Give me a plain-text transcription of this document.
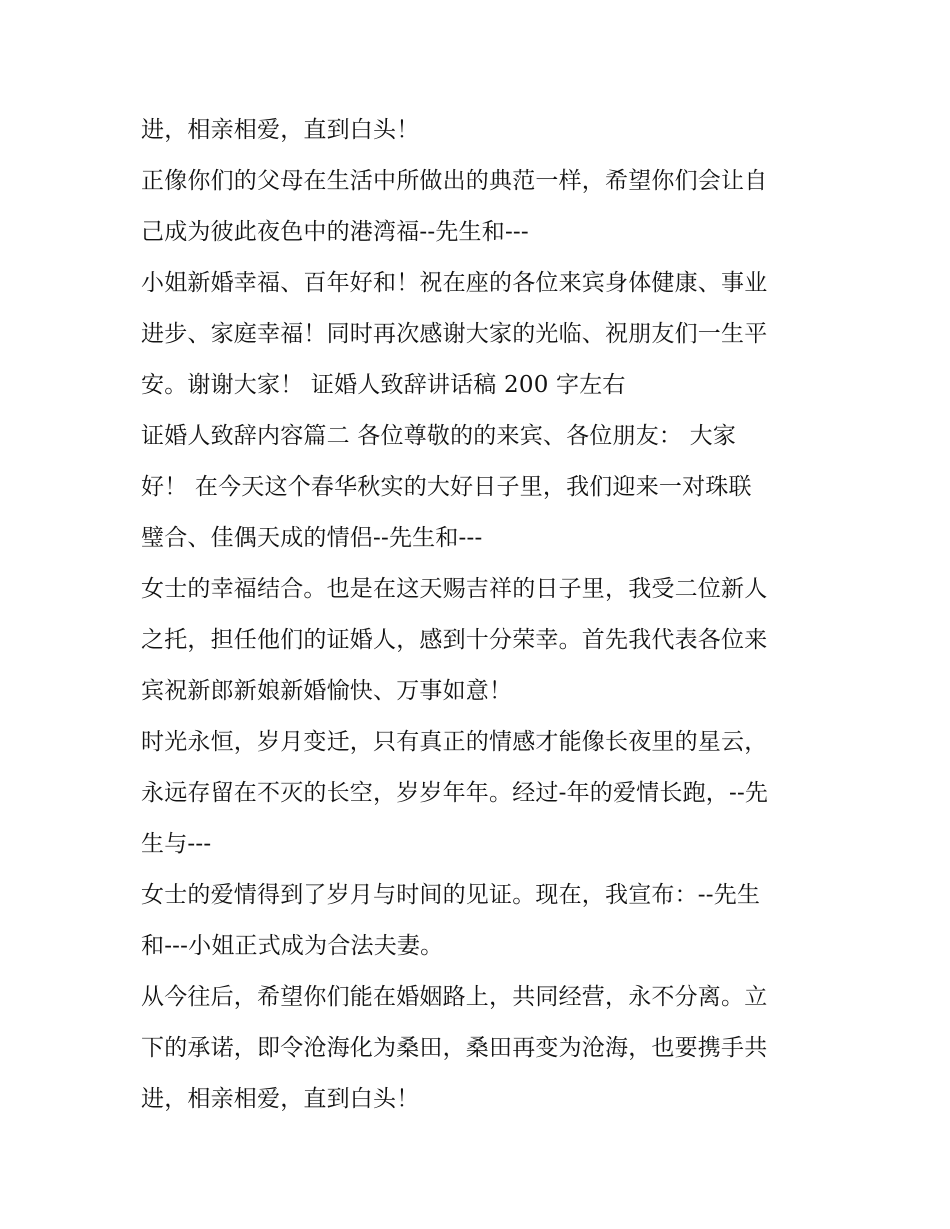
进，相亲相爱，直到白头！
正像你们的父母在生活中所做出的典范一样，希望你们会让自
己成为彼此夜色中的港湾福--先生和---
小姐新婚幸福、百年好和！祝在座的各位来宾身体健康、事业
进步、家庭幸福！同时再次感谢大家的光临、祝朋友们一生平
安。谢谢大家！ 证婚人致辞讲话稿 200 字左右
证婚人致辞内容篇二 各位尊敬的的来宾、各位朋友： 大家
好！ 在今天这个春华秋实的大好日子里，我们迎来一对珠联
璧合、佳偶天成的情侣--先生和---
女士的幸福结合。也是在这天赐吉祥的日子里，我受二位新人
之托，担任他们的证婚人，感到十分荣幸。首先我代表各位来
宾祝新郎新娘新婚愉快、万事如意！
时光永恒，岁月变迁，只有真正的情感才能像长夜里的星云，
永远存留在不灭的长空，岁岁年年。经过-年的爱情长跑，--先
生与---
女士的爱情得到了岁月与时间的见证。现在，我宣布：--先生
和---小姐正式成为合法夫妻。
从今往后，希望你们能在婚姻路上，共同经营，永不分离。立
下的承诺，即令沧海化为桑田，桑田再变为沧海，也要携手共
进，相亲相爱，直到白头！
